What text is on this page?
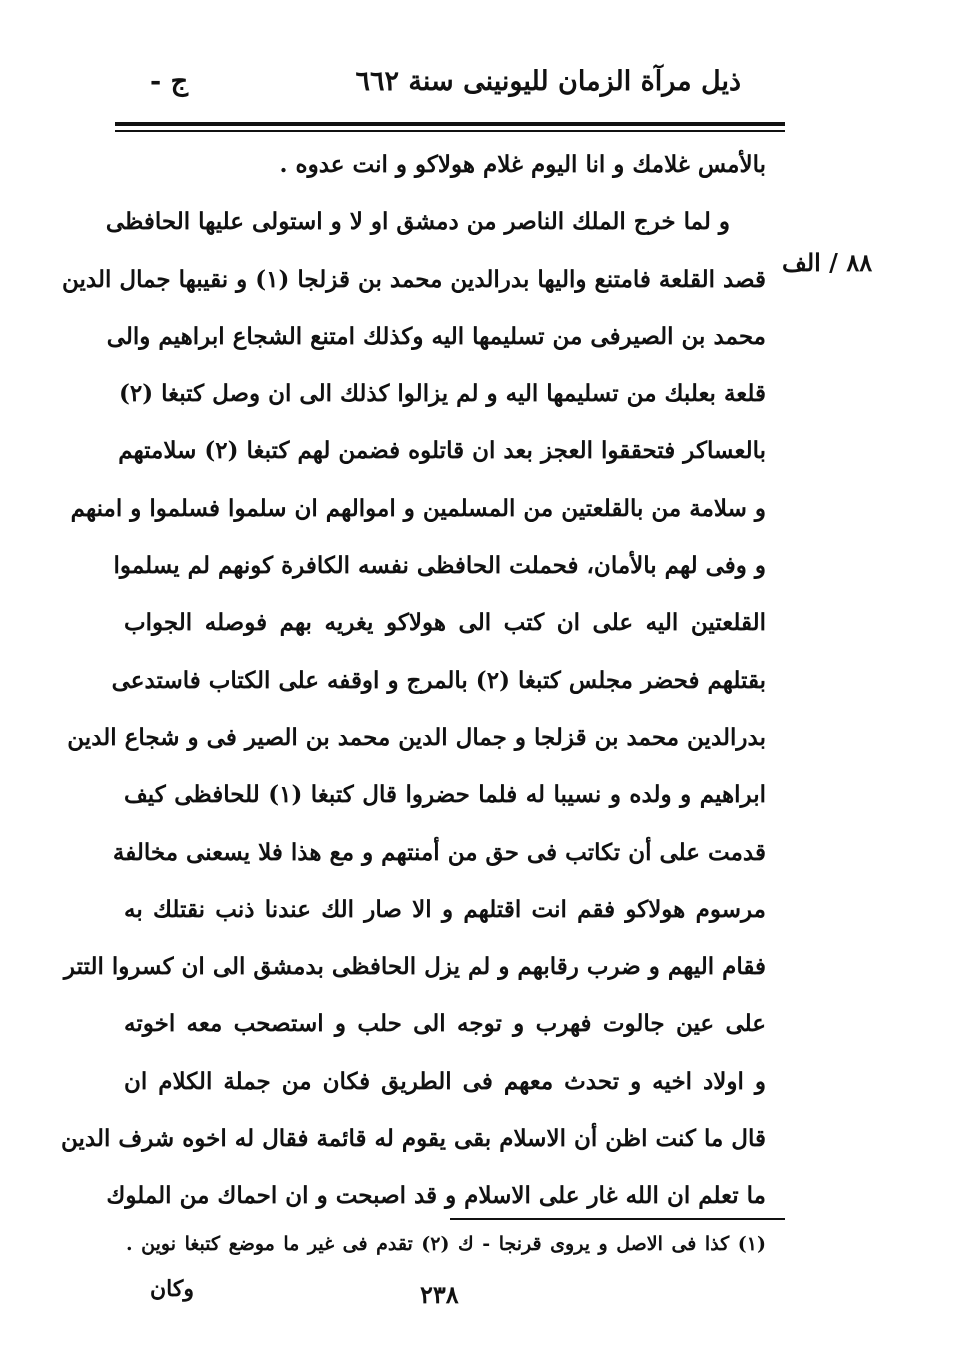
ذيل مرآة الزمان لليونينى سنة ٦٦٢
ج -
٨٨ / الف
بالأمس غلامك و انا اليوم غلام هولاكو و انت عدوه .
و لما خرج الملك الناصر من دمشق او لا و استولى عليها الحافظى
قصد القلعة فامتنع واليها بدرالدين محمد بن قزلجا (١) و نقيبها جمال الدين
محمد بن الصيرفى من تسليمها اليه وكذلك امتنع الشجاع ابراهيم والى
قلعة بعلبك من تسليمها اليه و لم يزالوا كذلك الى ان وصل كتبغا (٢)
بالعساكر فتحققوا العجز بعد ان قاتلوه فضمن لهم كتبغا (٢) سلامتهم
و سلامة من بالقلعتين من المسلمين و اموالهم ان سلموا فسلموا و امنهم
و وفى لهم بالأمان، فحملت الحافظى نفسه الكافرة كونهم لم يسلموا
القلعتين اليه على ان كتب الى هولاكو يغريه بهم فوصله الجواب
بقتلهم فحضر مجلس كتبغا (٢) بالمرج و اوقفه على الكتاب فاستدعى
بدرالدين محمد بن قزلجا و جمال الدين محمد بن الصير فى و شجاع الدين
ابراهيم و ولده و نسيبا له فلما حضروا قال كتبغا (١) للحافظى كيف
قدمت على أن تكاتب فى حق من أمنتهم و مع هذا فلا يسعنى مخالفة
مرسوم هولاكو فقم انت اقتلهم و الا صار الك عندنا ذنب نقتلك به
فقام اليهم و ضرب رقابهم و لم يزل الحافظى بدمشق الى ان كسروا التتر
على عين جالوت فهرب و توجه الى حلب و استصحب معه اخوته
و اولاد اخيه و تحدث معهم فى الطريق فكان من جملة الكلام ان
قال ما كنت اظن أن الاسلام بقى يقوم له قائمة فقال له اخوه شرف الدين
ما تعلم ان الله غار على الاسلام و قد اصبحت و ان احماك من الملوك
(١) كذا فى الاصل و يروى قرنجا - ك (٢) تقدم فى غير ما موضع كتبغا نوين .
وكان	٢٣٨
